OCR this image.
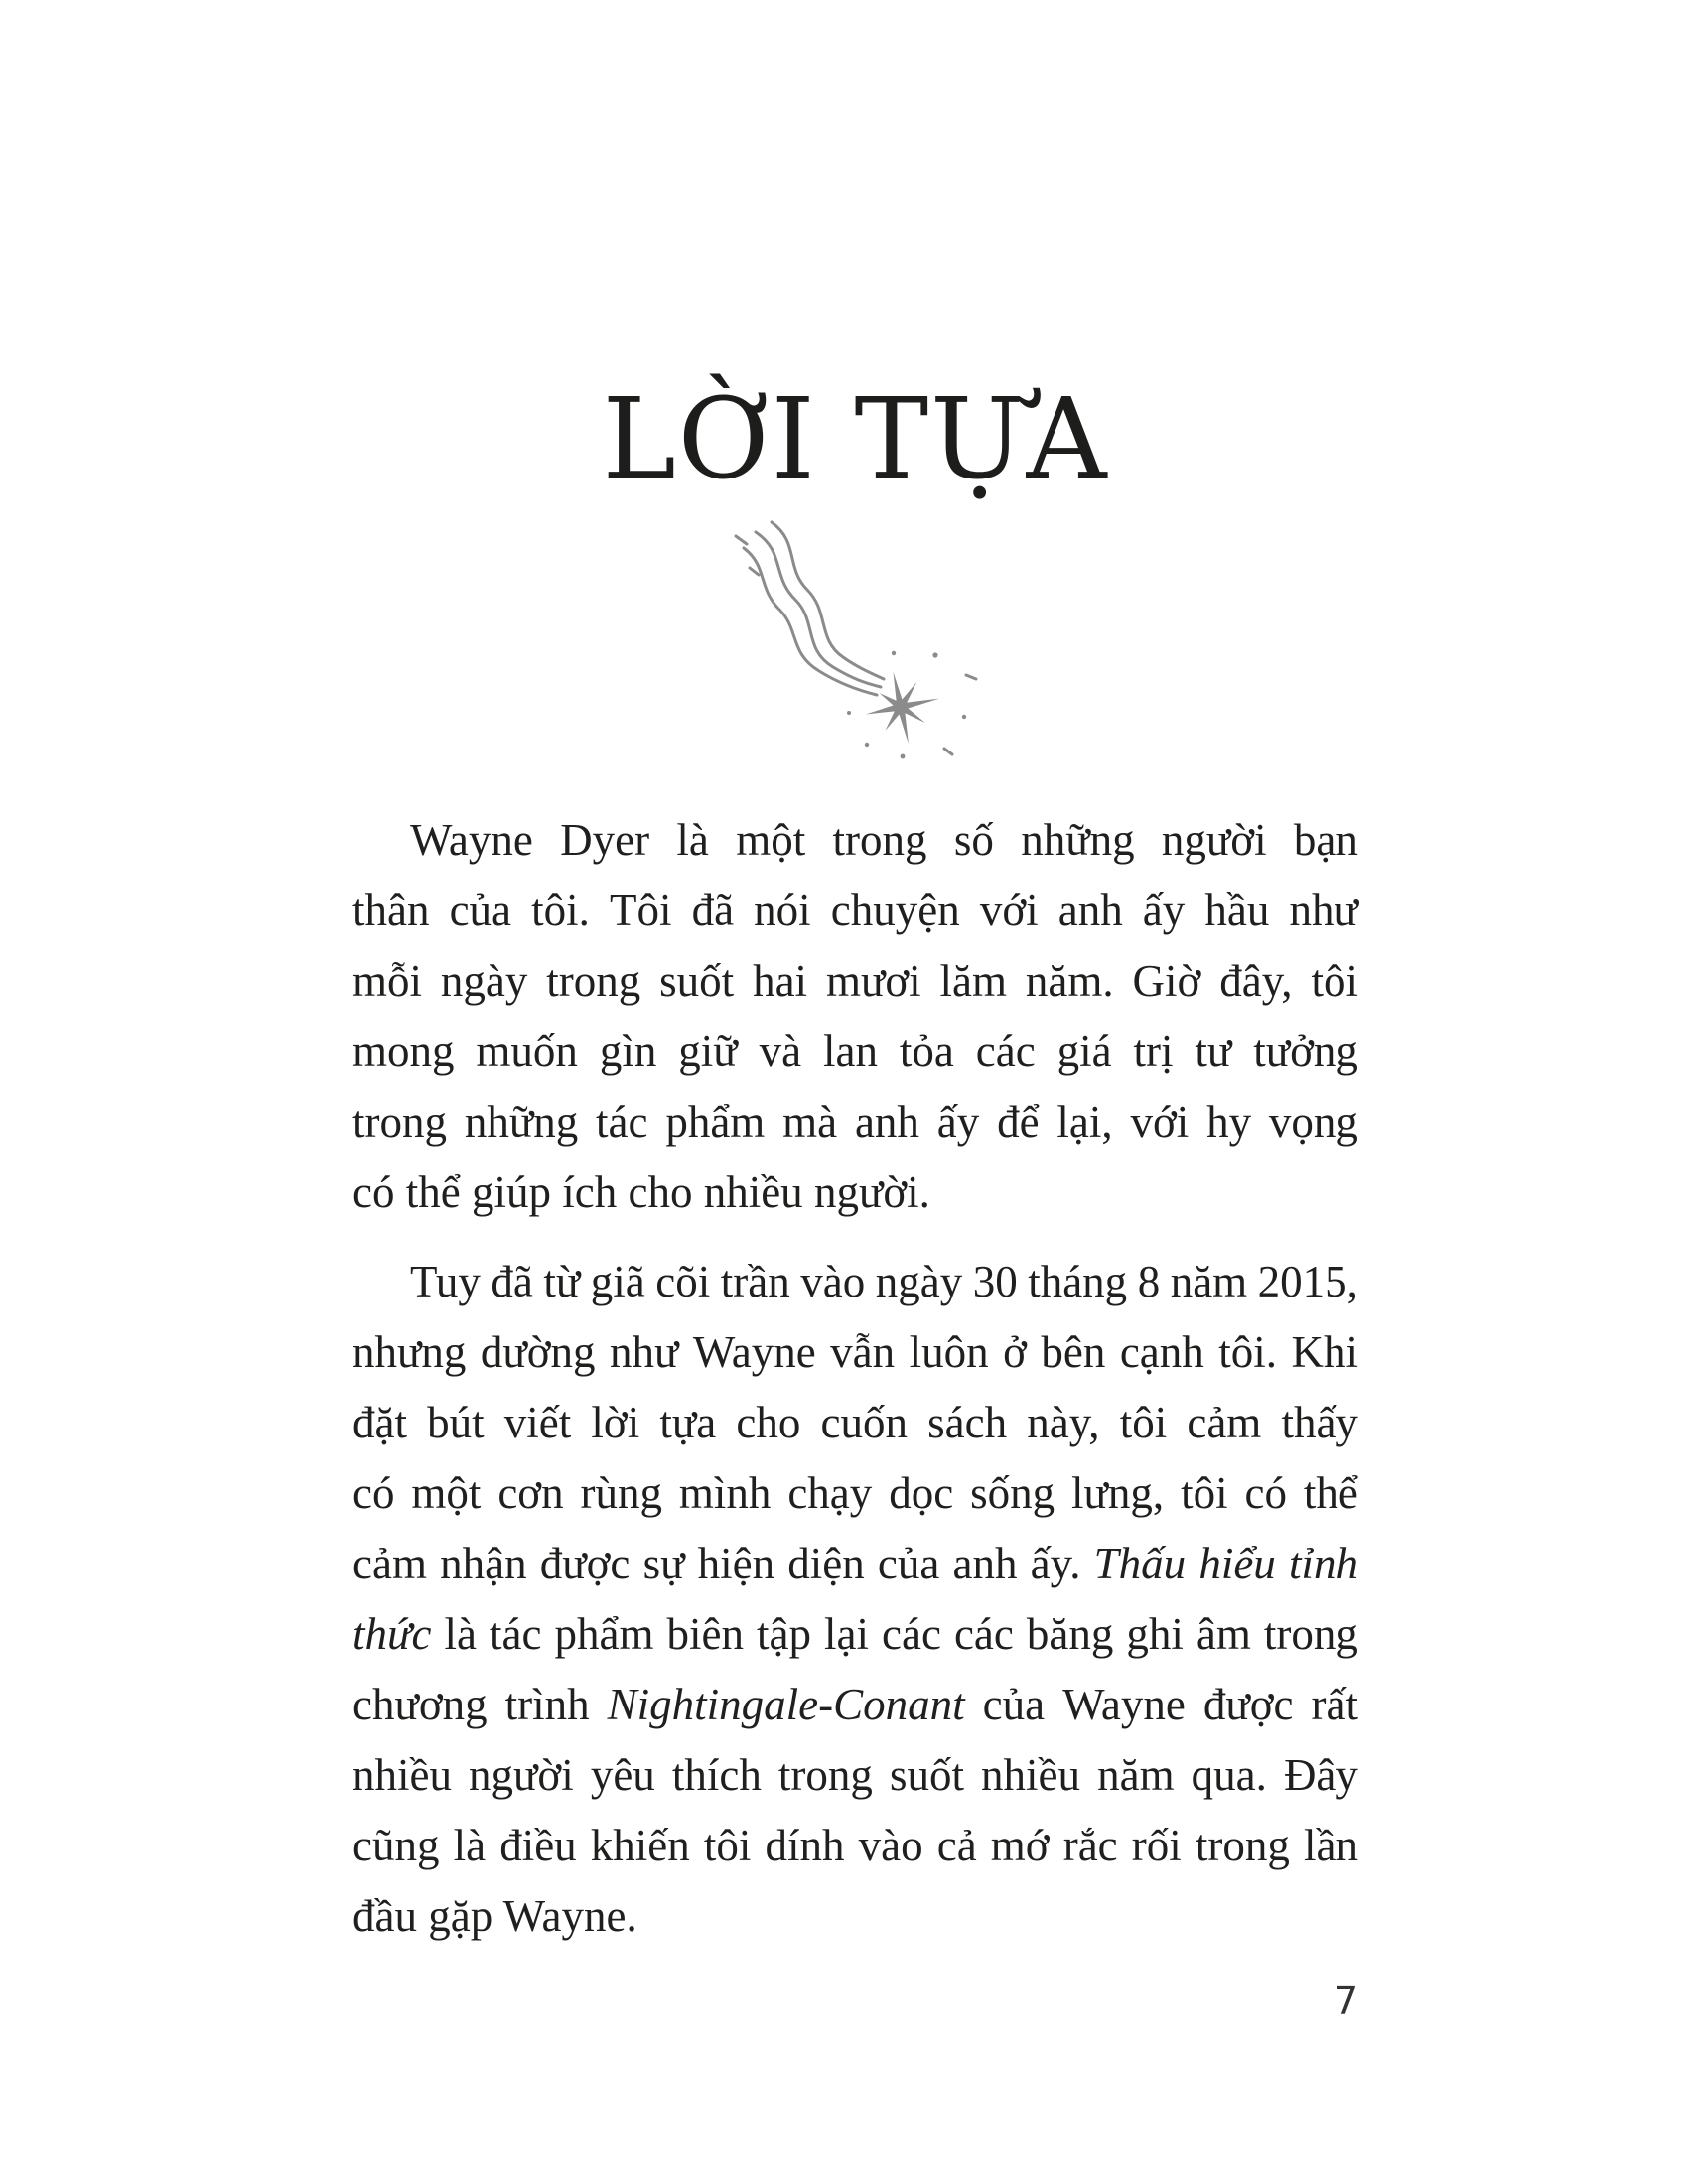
LỜI TỰA
Wayne Dyer là một trong số những người bạn
thân của tôi. Tôi đã nói chuyện với anh ấy hầu như
mỗi ngày trong suốt hai mươi lăm năm. Giờ đây, tôi
mong muốn gìn giữ và lan tỏa các giá trị tư tưởng
trong những tác phẩm mà anh ấy để lại, với hy vọng
có thể giúp ích cho nhiều người.
Tuy đã từ giã cõi trần vào ngày 30 tháng 8 năm 2015,
nhưng dường như Wayne vẫn luôn ở bên cạnh tôi. Khi
đặt bút viết lời tựa cho cuốn sách này, tôi cảm thấy
có một cơn rùng mình chạy dọc sống lưng, tôi có thể
cảm nhận được sự hiện diện của anh ấy. Thấu hiểu tỉnh
thức là tác phẩm biên tập lại các các băng ghi âm trong
chương trình Nightingale-Conant của Wayne được rất
nhiều người yêu thích trong suốt nhiều năm qua. Đây
cũng là điều khiến tôi dính vào cả mớ rắc rối trong lần
đầu gặp Wayne.
7
